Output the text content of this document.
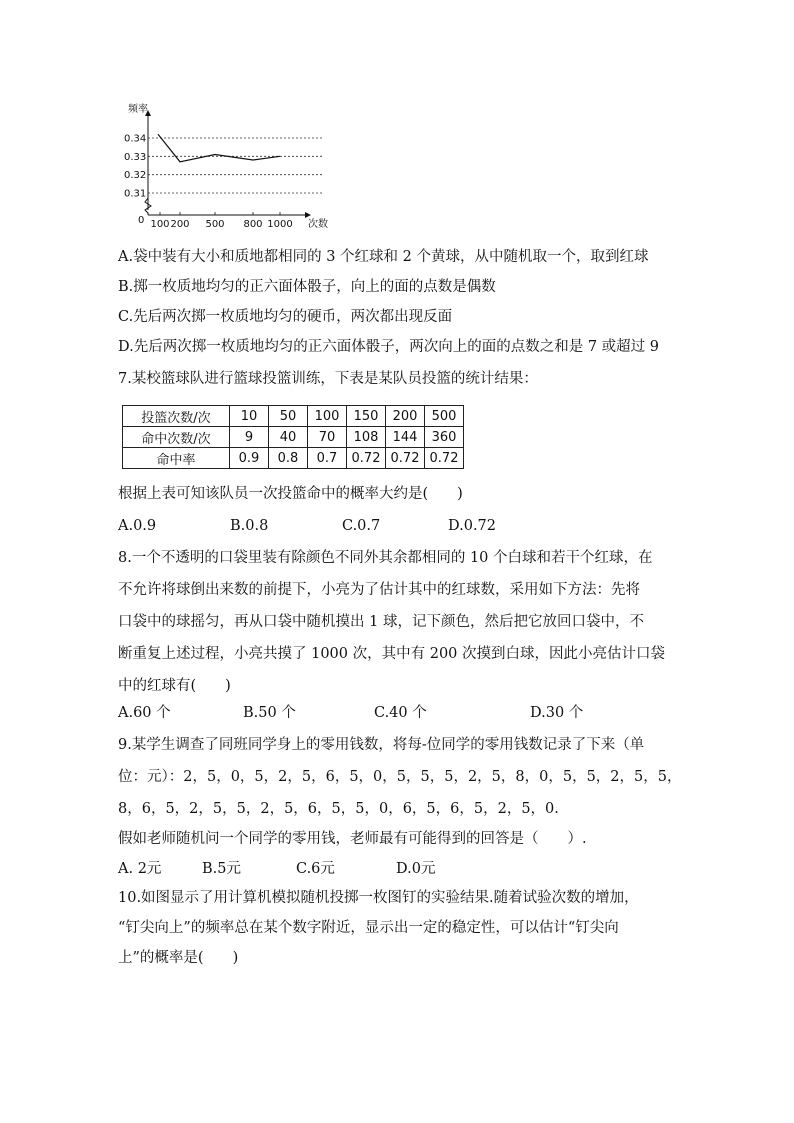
频率
次数
0
0.34
0.33
0.32
0.31
100 200 500 800 1000
A.袋中装有大小和质地都相同的 3 个红球和 2 个黄球，从中随机取一个，取到红球
B.掷一枚质地均匀的正六面体骰子，向上的面的点数是偶数
C.先后两次掷一枚质地均匀的硬币，两次都出现反面
D.先后两次掷一枚质地均匀的正六面体骰子，两次向上的面的点数之和是 7 或超过 9
7.某校篮球队进行篮球投篮训练，下表是某队员投篮的统计结果：
投篮次数/次	10	50	100	150	200	500
命中次数/次	9	40	70	108	144	360
命中率	0.9	0.8	0.7	0.72	0.72	0.72
根据上表可知该队员一次投篮命中的概率大约是(　　)
A.0.9	B.0.8	C.0.7	D.0.72
8.一个不透明的口袋里装有除颜色不同外其余都相同的 10 个白球和若干个红球，在
不允许将球倒出来数的前提下，小亮为了估计其中的红球数，采用如下方法：先将
口袋中的球摇匀，再从口袋中随机摸出 1 球，记下颜色，然后把它放回口袋中，不
断重复上述过程，小亮共摸了 1000 次，其中有 200 次摸到白球，因此小亮估计口袋
中的红球有(　　)
A.60 个	B.50 个	C.40 个	D.30 个
9.某学生调查了同班同学身上的零用钱数，将每-位同学的零用钱数记录了下来（单
位：元）：2，5，0，5，2，5，6，5，0，5，5，5，2，5，8，0，5，5，2，5，5，
8，6，5，2，5，5，2，5，6，5，5，0，6，5，6，5，2，5，0.
假如老师随机问一个同学的零用钱，老师最有可能得到的回答是（　　）.
A. 2元	B.5元	C.6元	D.0元
10.如图显示了用计算机模拟随机投掷一枚图钉的实验结果.随着试验次数的增加，
“钉尖向上”的频率总在某个数字附近，显示出一定的稳定性，可以估计“钉尖向
上”的概率是(　　)
